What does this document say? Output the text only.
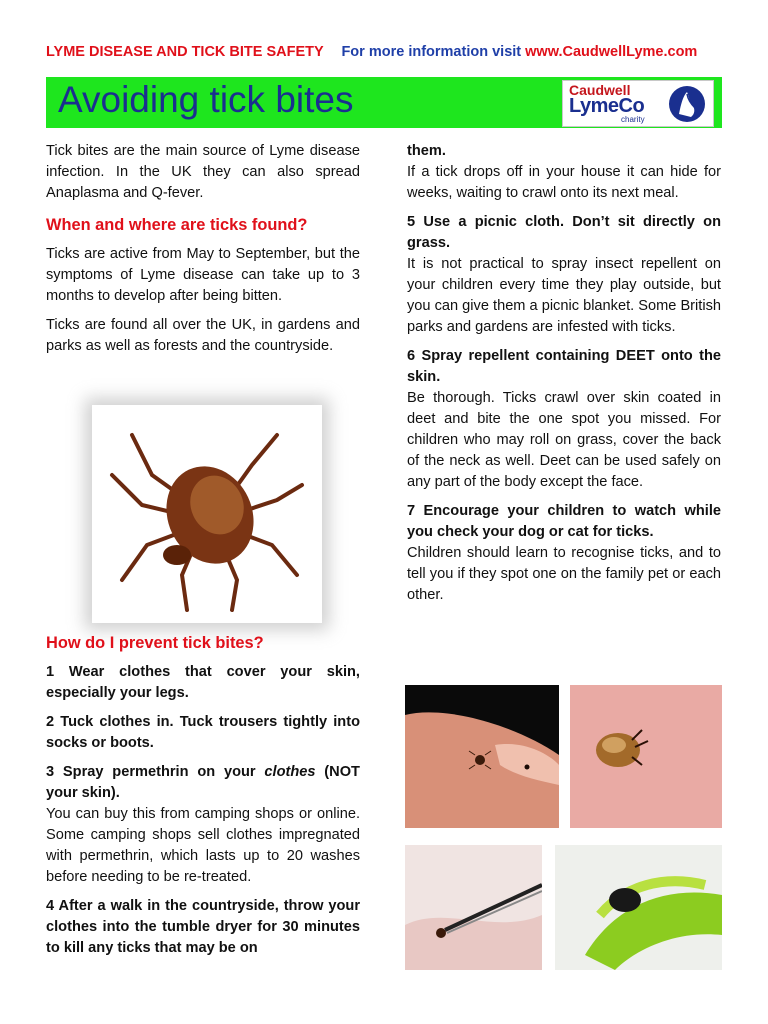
LYME DISEASE AND TICK BITE SAFETY For more information visit www.CaudwellLyme.com
Avoiding tick bites	Caudwell
LymeCo
charity

Tick bites are the main source of Lyme disease infection. In the UK they can also spread Anaplasma and Q-fever.

When and where are ticks found?

Ticks are active from May to September, but the symptoms of Lyme disease can take up to 3 months to develop after being bitten.

Ticks are found all over the UK, in gardens and parks as well as forests and the countryside.

How do I prevent tick bites?

1 Wear clothes that cover your skin, especially your legs.

2 Tuck clothes in. Tuck trousers tightly into socks or boots.

3 Spray permethrin on your clothes (NOT your skin).

You can buy this from camping shops or online. Some camping shops sell clothes impregnated with permethrin, which lasts up to 20 washes before needing to be re-treated.

4 After a walk in the countryside, throw your clothes into the tumble dryer for 30 minutes to kill any ticks that may be on

them.

If a tick drops off in your house it can hide for weeks, waiting to crawl onto its next meal.

5 Use a picnic cloth. Don’t sit directly on grass.

It is not practical to spray insect repellent on your children every time they play outside, but you can give them a picnic blanket. Some British parks and gardens are infested with ticks.

6 Spray repellent containing DEET onto the skin.

Be thorough. Ticks crawl over skin coated in deet and bite the one spot you missed. For children who may roll on grass, cover the back of the neck as well. Deet can be used safely on any part of the body except the face.

7 Encourage your children to watch while you check your dog or cat for ticks.

Children should learn to recognise ticks, and to tell you if they spot one on the family pet or each other.
